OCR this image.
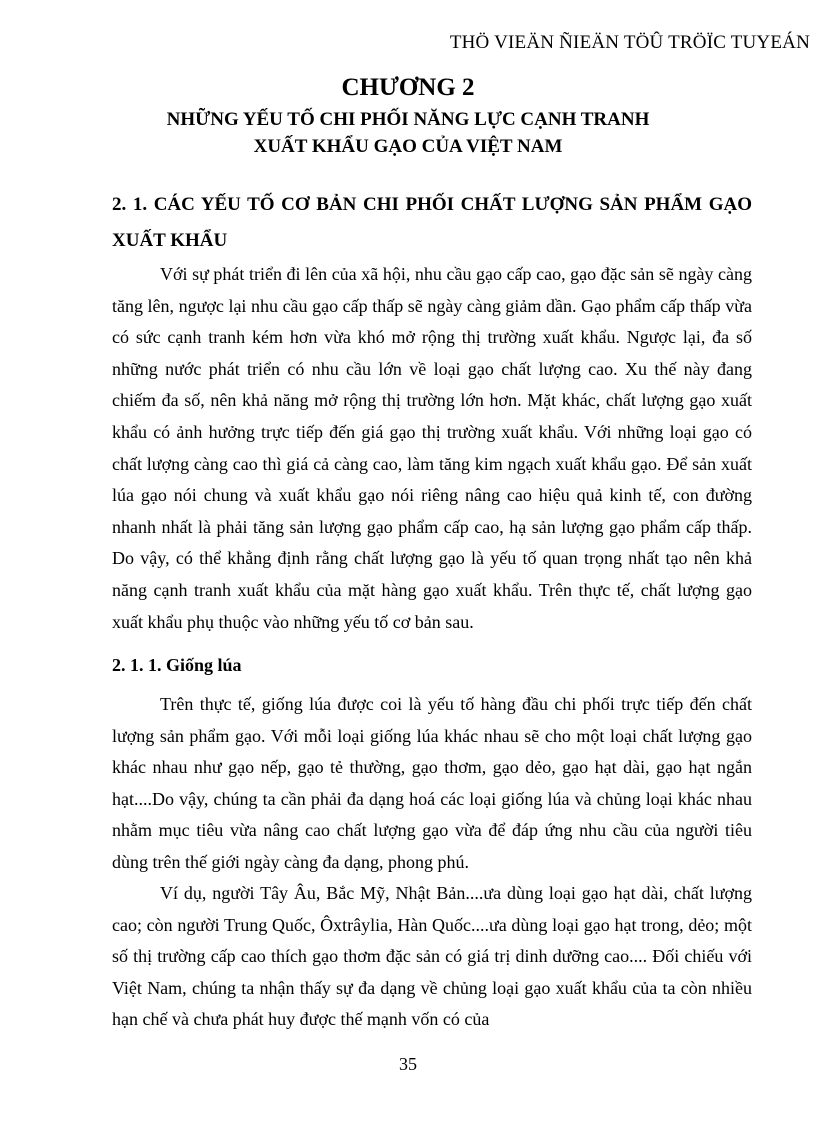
THÖ VIEÄN ÑIEÄN TÖÛ TRÖÏC TUYEÁN
CHƯƠNG 2
NHỮNG YẾU TỐ CHI PHỐI NĂNG LỰC CẠNH TRANH
XUẤT KHẨU GẠO CỦA VIỆT NAM
2. 1. CÁC YẾU TỐ CƠ BẢN CHI PHỐI CHẤT LƯỢNG SẢN PHẨM GẠO
XUẤT KHẨU

Với sự phát triển đi lên của xã hội, nhu cầu gạo cấp cao, gạo đặc sản sẽ ngày càng tăng lên, ngược lại nhu cầu gạo cấp thấp sẽ ngày càng giảm dần. Gạo phẩm cấp thấp vừa có sức cạnh tranh kém hơn vừa khó mở rộng thị trường xuất khẩu. Ngược lại, đa số những nước phát triển có nhu cầu lớn về loại gạo chất lượng cao. Xu thế này đang chiếm đa số, nên khả năng mở rộng thị trường lớn hơn. Mặt khác, chất lượng gạo xuất khẩu có ảnh hưởng trực tiếp đến giá gạo thị trường xuất khẩu. Với những loại gạo có chất lượng càng cao thì giá cả càng cao, làm tăng kim ngạch xuất khẩu gạo. Để sản xuất lúa gạo nói chung và xuất khẩu gạo nói riêng nâng cao hiệu quả kinh tế, con đường nhanh nhất là phải tăng sản lượng gạo phẩm cấp cao, hạ sản lượng gạo phẩm cấp thấp. Do vậy, có thể khẳng định rằng chất lượng gạo là yếu tố quan trọng nhất tạo nên khả năng cạnh tranh xuất khẩu của mặt hàng gạo xuất khẩu. Trên thực tế, chất lượng gạo xuất khẩu phụ thuộc vào những yếu tố cơ bản sau.

2. 1. 1. Giống lúa

Trên thực tế, giống lúa được coi là yếu tố hàng đầu chi phối trực tiếp đến chất lượng sản phẩm gạo. Với mỗi loại giống lúa khác nhau sẽ cho một loại chất lượng gạo khác nhau như gạo nếp, gạo tẻ thường, gạo thơm, gạo dẻo, gạo hạt dài, gạo hạt ngắn hạt....Do vậy, chúng ta cần phải đa dạng hoá các loại giống lúa và chủng loại khác nhau nhằm mục tiêu vừa nâng cao chất lượng gạo vừa để đáp ứng nhu cầu của người tiêu dùng trên thế giới ngày càng đa dạng, phong phú.

Ví dụ, người Tây Âu, Bắc Mỹ, Nhật Bản....ưa dùng loại gạo hạt dài, chất lượng cao; còn người Trung Quốc, Ôxtrâylia, Hàn Quốc....ưa dùng loại gạo hạt trong, dẻo; một số thị trường cấp cao thích gạo thơm đặc sản có giá trị dinh dưỡng cao.... Đối chiếu với Việt Nam, chúng ta nhận thấy sự đa dạng về chủng loại gạo xuất khẩu của ta còn nhiều hạn chế và chưa phát huy được thế mạnh vốn có của

35
